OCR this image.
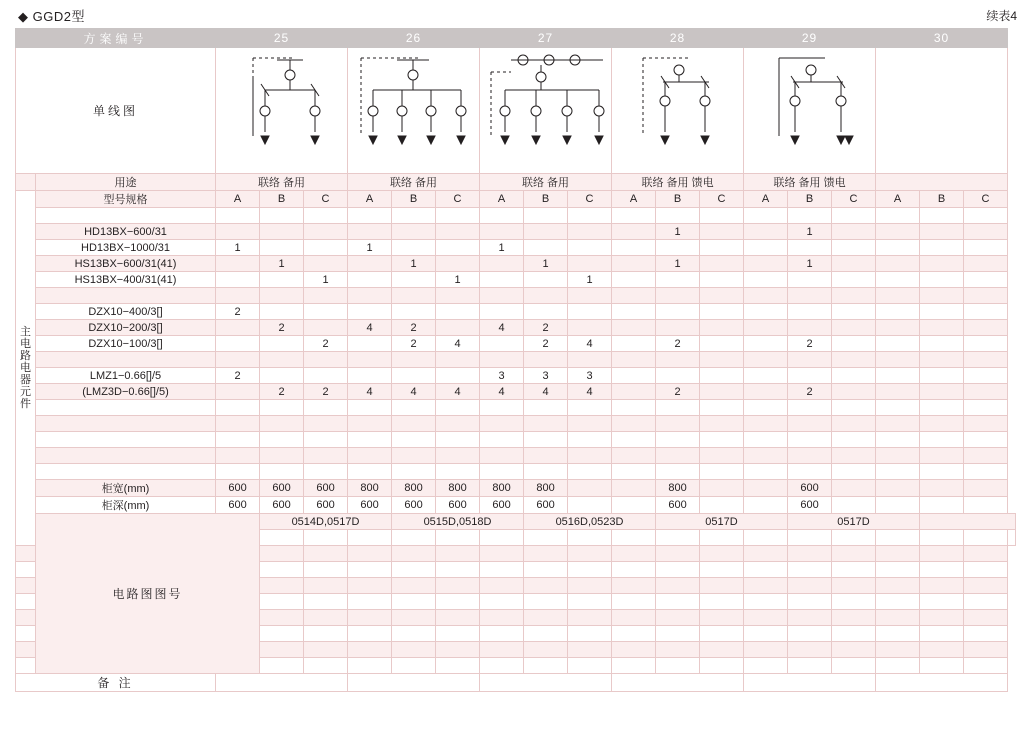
◆ GGD2型	续表4
方案编号		25			26			27			28			29			30			
单线图	

	用途	联络 备用			联络 备用			联络 备用			联络 备用 馈电			联络 备用 馈电						

主
电
路
电
器
元
件
	型号规格	A	B	C	A	B	C	A	B	C	A	B	C	A	B	C	A	B	C

	HD13BX−600/31											1			1					
	HD13BX−1000/31	1			1			1												
	HS13BX−600/31(41)		1			1			1			1			1					
	HS13BX−400/31(41)			1			1			1										

	DZX10−400/3[]	2																		
	DZX10−200/3[]		2		4	2		4	2											
	DZX10−100/3[]			2		2	4		2	4		2			2					

	LMZ1−0.66[]/5	2						3	3	3										
	(LMZ3D−0.66[]/5)		2	2	4	4	4	4	4	4		2			2					

	柜宽(mm)	600	600	600	800	800	800	800	800			800			600					
	柜深(mm)	600	600	600	600	600	600	600	600			600			600					
	电路图图号		0514D,0517D			0515D,0518D			0516D,0523D			0517D			0517D					

备 注																				
